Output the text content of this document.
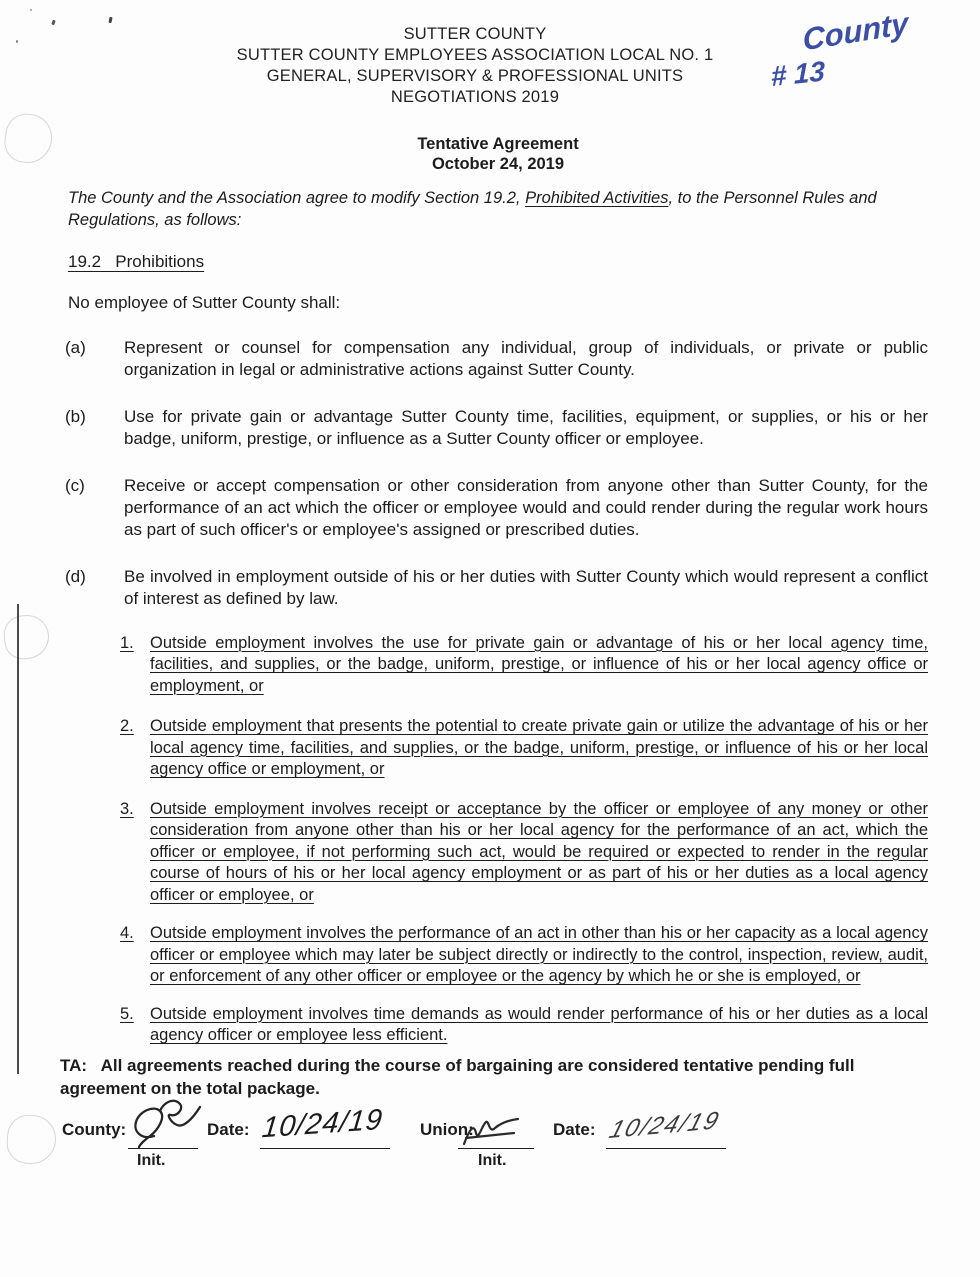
County
# 13
SUTTER COUNTY
SUTTER COUNTY EMPLOYEES ASSOCIATION LOCAL NO. 1
GENERAL, SUPERVISORY & PROFESSIONAL UNITS
NEGOTIATIONS 2019
Tentative Agreement
October 24, 2019
The County and the Association agree to modify Section 19.2, Prohibited Activities, to the Personnel Rules and Regulations, as follows:
19.2   Prohibitions
No employee of Sutter County shall:
(a) Represent or counsel for compensation any individual, group of individuals, or private or public organization in legal or administrative actions against Sutter County.
(b) Use for private gain or advantage Sutter County time, facilities, equipment, or supplies, or his or her badge, uniform, prestige, or influence as a Sutter County officer or employee.
(c) Receive or accept compensation or other consideration from anyone other than Sutter County, for the performance of an act which the officer or employee would and could render during the regular work hours as part of such officer's or employee's assigned or prescribed duties.
(d) Be involved in employment outside of his or her duties with Sutter County which would represent a conflict of interest as defined by law.
1. Outside employment involves the use for private gain or advantage of his or her local agency time, facilities, and supplies, or the badge, uniform, prestige, or influence of his or her local agency office or employment, or
2. Outside employment that presents the potential to create private gain or utilize the advantage of his or her local agency time, facilities, and supplies, or the badge, uniform, prestige, or influence of his or her local agency office or employment, or
3. Outside employment involves receipt or acceptance by the officer or employee of any money or other consideration from anyone other than his or her local agency for the performance of an act, which the officer or employee, if not performing such act, would be required or expected to render in the regular course of hours of his or her local agency employment or as part of his or her duties as a local agency officer or employee, or
4. Outside employment involves the performance of an act in other than his or her capacity as a local agency officer or employee which may later be subject directly or indirectly to the control, inspection, review, audit, or enforcement of any other officer or employee or the agency by which he or she is employed, or
5. Outside employment involves time demands as would render performance of his or her duties as a local agency officer or employee less efficient.
TA:   All agreements reached during the course of bargaining are considered tentative pending full agreement on the total package.
County:
Init.
Date: 10/24/19 Union:
Init.
Date: 10/24/19
